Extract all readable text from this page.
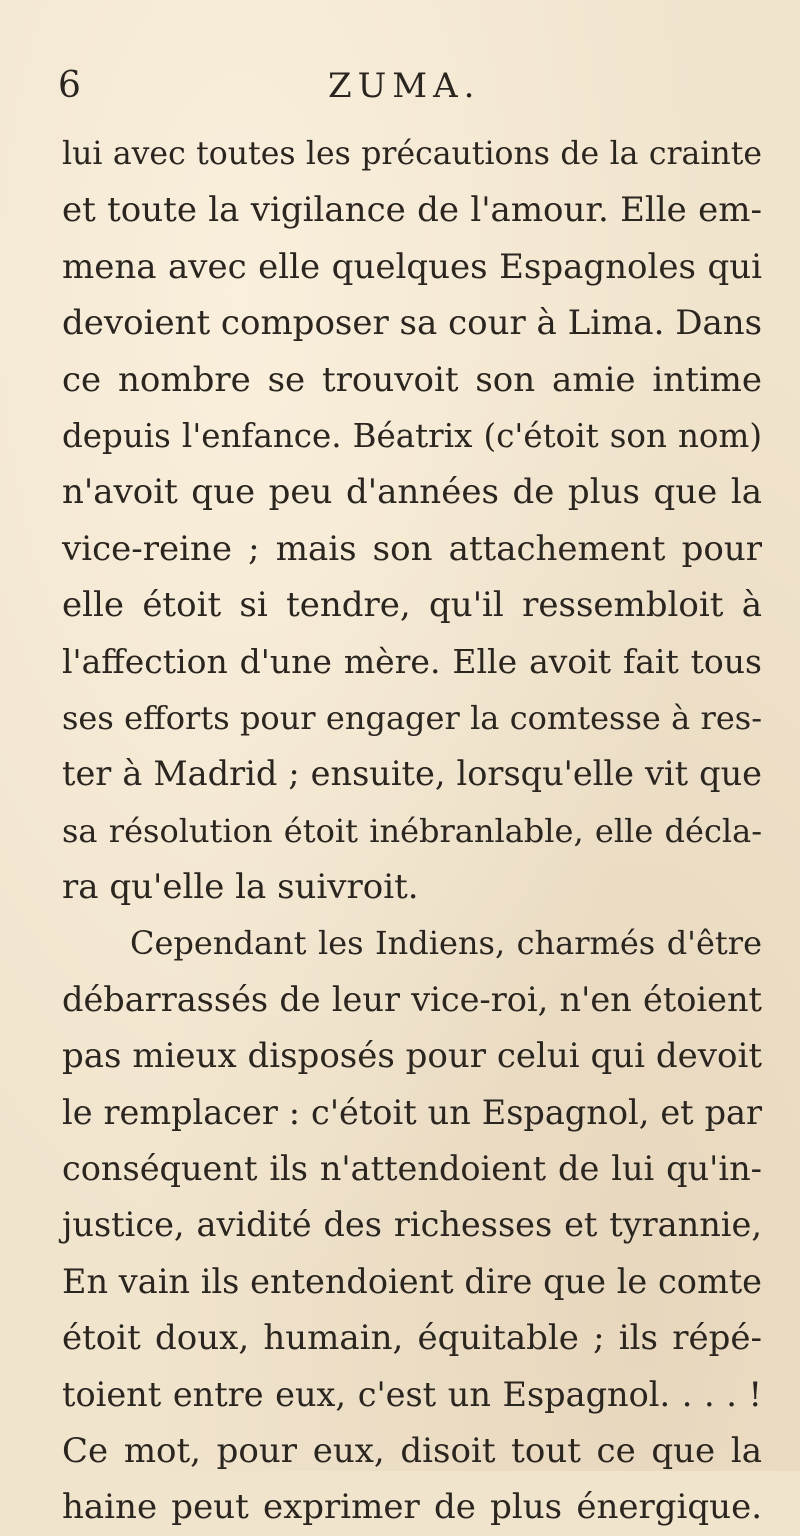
6	ZUMA.
lui avec toutes les précautions de la crainte
et toute la vigilance de l'amour. Elle em-
mena avec elle quelques Espagnoles qui
devoient composer sa cour à Lima. Dans
ce nombre se trouvoit son amie intime
depuis l'enfance. Béatrix (c'étoit son nom)
n'avoit que peu d'années de plus que la
vice-reine ; mais son attachement pour
elle étoit si tendre, qu'il ressembloit à
l'affection d'une mère. Elle avoit fait tous
ses efforts pour engager la comtesse à res-
ter à Madrid ; ensuite, lorsqu'elle vit que
sa résolution étoit inébranlable, elle décla-
ra qu'elle la suivroit.
Cependant les Indiens, charmés d'être
débarrassés de leur vice-roi, n'en étoient
pas mieux disposés pour celui qui devoit
le remplacer : c'étoit un Espagnol, et par
conséquent ils n'attendoient de lui qu'in-
justice, avidité des richesses et tyrannie,
En vain ils entendoient dire que le comte
étoit doux, humain, équitable ; ils répé-
toient entre eux, c'est un Espagnol. . . . !
Ce mot, pour eux, disoit tout ce que la
haine peut exprimer de plus énergique.
